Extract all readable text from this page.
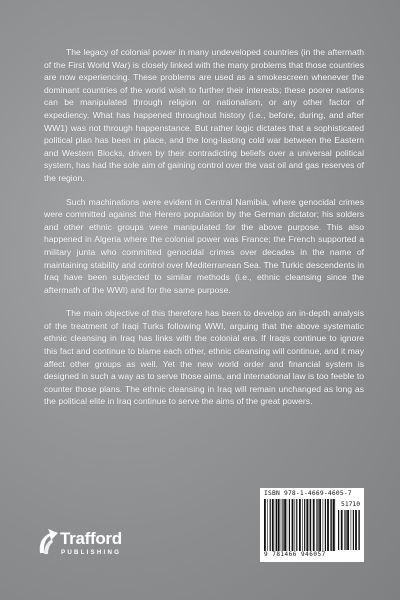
The legacy of colonial power in many undeveloped countries (in the aftermath of the First World War) is closely linked with the many problems that those countries are now experiencing. These problems are used as a smokescreen whenever the dominant countries of the world wish to further their interests; these poorer nations can be manipulated through religion or nationalism, or any other factor of expediency. What has happened throughout history (i.e., before, during, and after WW1) was not through happenstance. But rather logic dictates that a sophisticated political plan has been in place, and the long-lasting cold war between the Eastern and Western Blocks, driven by their contradicting beliefs over a universal political system, has had the sole aim of gaining control over the vast oil and gas reserves of the region.

Such machinations were evident in Central Namibia, where genocidal crimes were committed against the Herero population by the German dictator; his solders and other ethnic groups were manipulated for the above purpose. This also happened in Algeria where the colonial power was France; the French supported a military junta who committed genocidal crimes over decades in the name of maintaining stability and control over Mediterranean Sea. The Turkic descendents in Iraq have been subjected to similar methods (i.e., ethnic cleansing since the aftermath of the WWI) and for the same purpose.

The main objective of this therefore has been to develop an in-depth analysis of the treatment of Iraqi Turks following WWI, arguing that the above systematic ethnic cleansing in Iraq has links with the colonial era. If Iraqis continue to ignore this fact and continue to blame each other, ethnic cleansing will continue, and it may affect other groups as well. Yet the new world order and financial system is designed in such a way as to serve those aims, and international law is too feeble to counter those plans. The ethnic cleansing in Iraq will remain unchanged as long as the political elite in Iraq continue to serve the aims of the great powers.

Trafford
PUBLISHING
ISBN 978-1-4669-4605-7
51710
9 781466 946057
